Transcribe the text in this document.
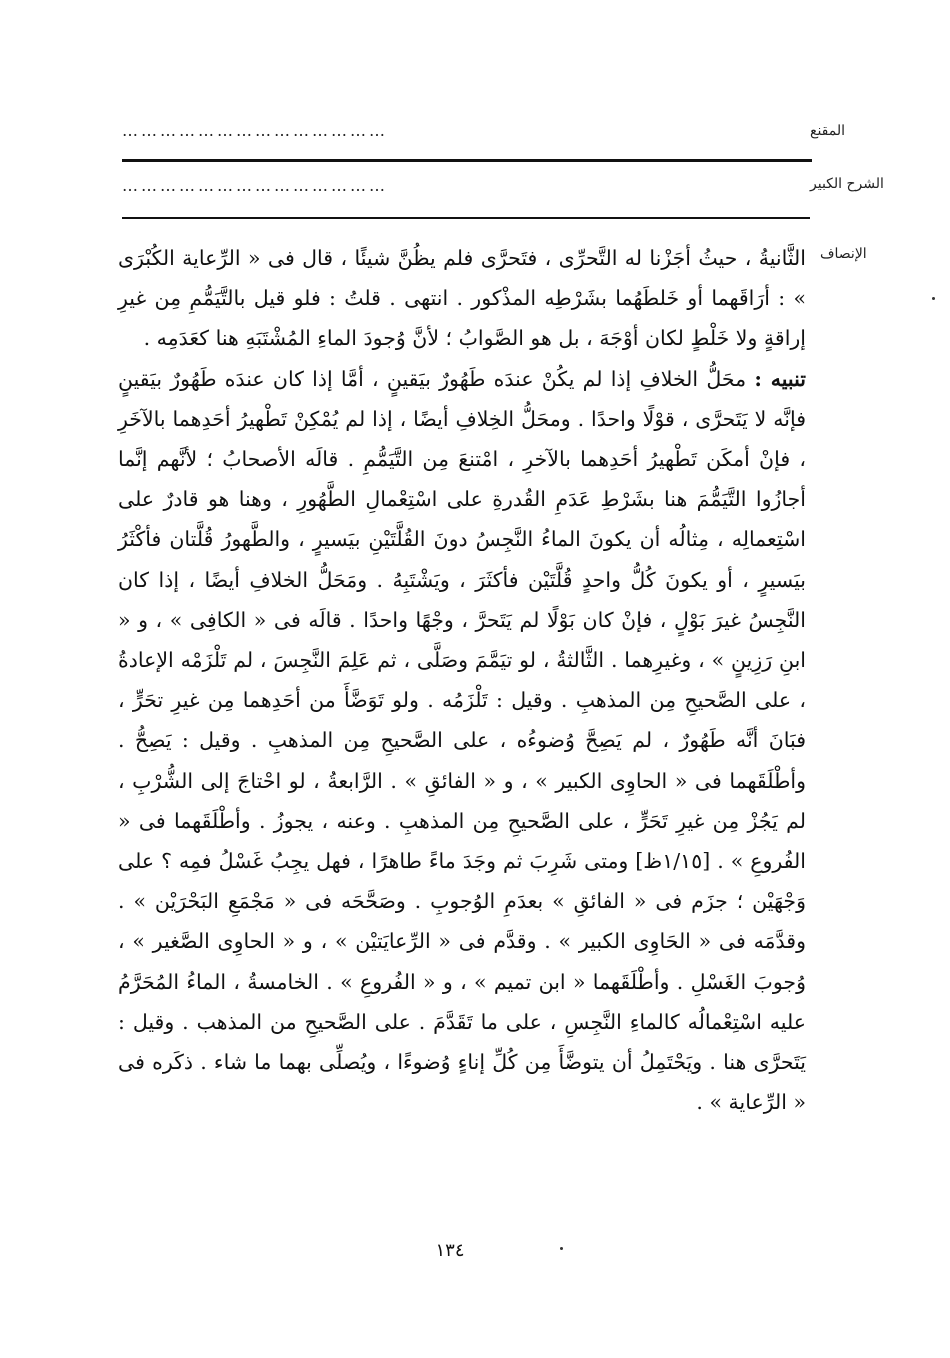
المقنع
……………………………………
الشرح الكبير
……………………………………
الإنصاف

الثَّانيةُ ، حيثُ أجَزْنا له التَّحرِّى ، فتَحرَّى فلم يظُنَّ شيئًا ، قال فى « الرِّعاية الكُبْرَى » : أرَاقَهما أو خَلطَهُما بشَرْطِه المذْكور . انتهى . قلتُ : فلو قيل بالتَّيَمُّمِ مِن غيرِ إراقةٍ ولا خَلْطٍ لكان أوْجَهَ ، بل هو الصَّوابُ ؛ لأنَّ وُجودَ الماءِ المُشْتَبَهِ هنا كعَدَمِه .

تنبيه : محَلُّ الخلافِ إذا لم يكُنْ عندَه طَهُورٌ بيَقينٍ ، أمَّا إذا كان عندَه طَهُورٌ بيَقينٍ فإنَّه لا يَتَحرَّى ، قوْلًا واحدًا . ومحَلُّ الخِلافِ أيضًا ، إذا لم يُمْكِنْ تَطْهيرُ أحَدِهما بالآخَرِ ، فإنْ أمكَن تَطْهيرُ أحَدِهما بالآخرِ ، امْتنعَ مِن التَّيَمُّمِ . قالَه الأصحابُ ؛ لأنَّهم إنَّما أجازُوا التَّيَمُّمَ هنا بشَرْطِ عَدَمِ القُدرةِ على اسْتِعْمالِ الطَّهُورِ ، وهنا هو قادرٌ على اسْتِعمالِه ، مِثالُه أن يكونَ الماءُ النَّجِسُ دونَ القُلَّتَيْنِ بيَسيرٍ ، والطَّهورُ قُلَّتان فأكْثَرُ بيَسيرٍ ، أو يكونَ كُلُّ واحدٍ قُلَّتَيْن فأكثَرَ ، ويَشْتَبِهُ . ومَحَلُّ الخلافِ أيضًا ، إذا كان النَّجِسُ غيرَ بَوْلٍ ، فإنْ كان بَوْلًا لم يَتَحرَّ ، وجْهًا واحدًا . قالَه فى « الكافِى » ، و « ابنِ رَزِينٍ » ، وغيرِهما . الثَّالثةُ ، لو تيَمَّمَ وصَلَّى ، ثم عَلِمَ النَّجِسَ ، لم تَلْزَمْه الإعادةُ ، على الصَّحيحِ مِن المذهبِ . وقيل : تَلْزَمُه . ولو تَوَضَّأَ من أحَدِهما مِن غيرِ تحَرٍّ ، فبَانَ أنَّه طَهُورٌ ، لم يَصِحَّ وُضوءُه ، على الصَّحيحِ مِن المذهبِ . وقيل : يَصِحُّ . وأطْلَقَهما فى « الحاوِى الكبير » ، و « الفائقِ » . الرَّابعةُ ، لو احْتاجَ إلى الشُّرْبِ ، لم يَجُزْ مِن غيرِ تَحَرٍّ ، على الصَّحيحِ مِن المذهبِ . وعنه ، يجوزُ . وأطْلَقَهما فى « الفُروعِ » . [١/١٥ظ] ومتى شَرِبَ ثم وجَدَ ماءً طاهرًا ، فهل يجِبُ غَسْلُ فمِه ؟ على وَجْهَيْن ؛ جزَم فى « الفائقِ » بعدَمِ الوُجوبِ . وصَحَّحَه فى « مَجْمَعِ البَحْرَيْن » . وقدَّمَه فى « الحَاوِى الكبير » . وقدَّم فى « الرِّعايَتيْن » ، و « الحاوِى الصَّغير » ، وُجوبَ الغَسْلِ . وأطْلَقَهما « ابن تميم » ، و « الفُروعِ » . الخامسةُ ، الماءُ المُحَرَّمُ عليه اسْتِعْمالُه كالماءِ النَّجِسِ ، على ما تَقَدَّمَ . على الصَّحيحِ من المذهب . وقيل : يَتَحرَّى هنا . ويَحْتَمِلُ أن يتوضَّأَ مِن كُلِّ إناءٍ وُضوءًا ، ويُصلِّى بهما ما شاء . ذكَره فى « الرِّعاية » .

١٣٤
